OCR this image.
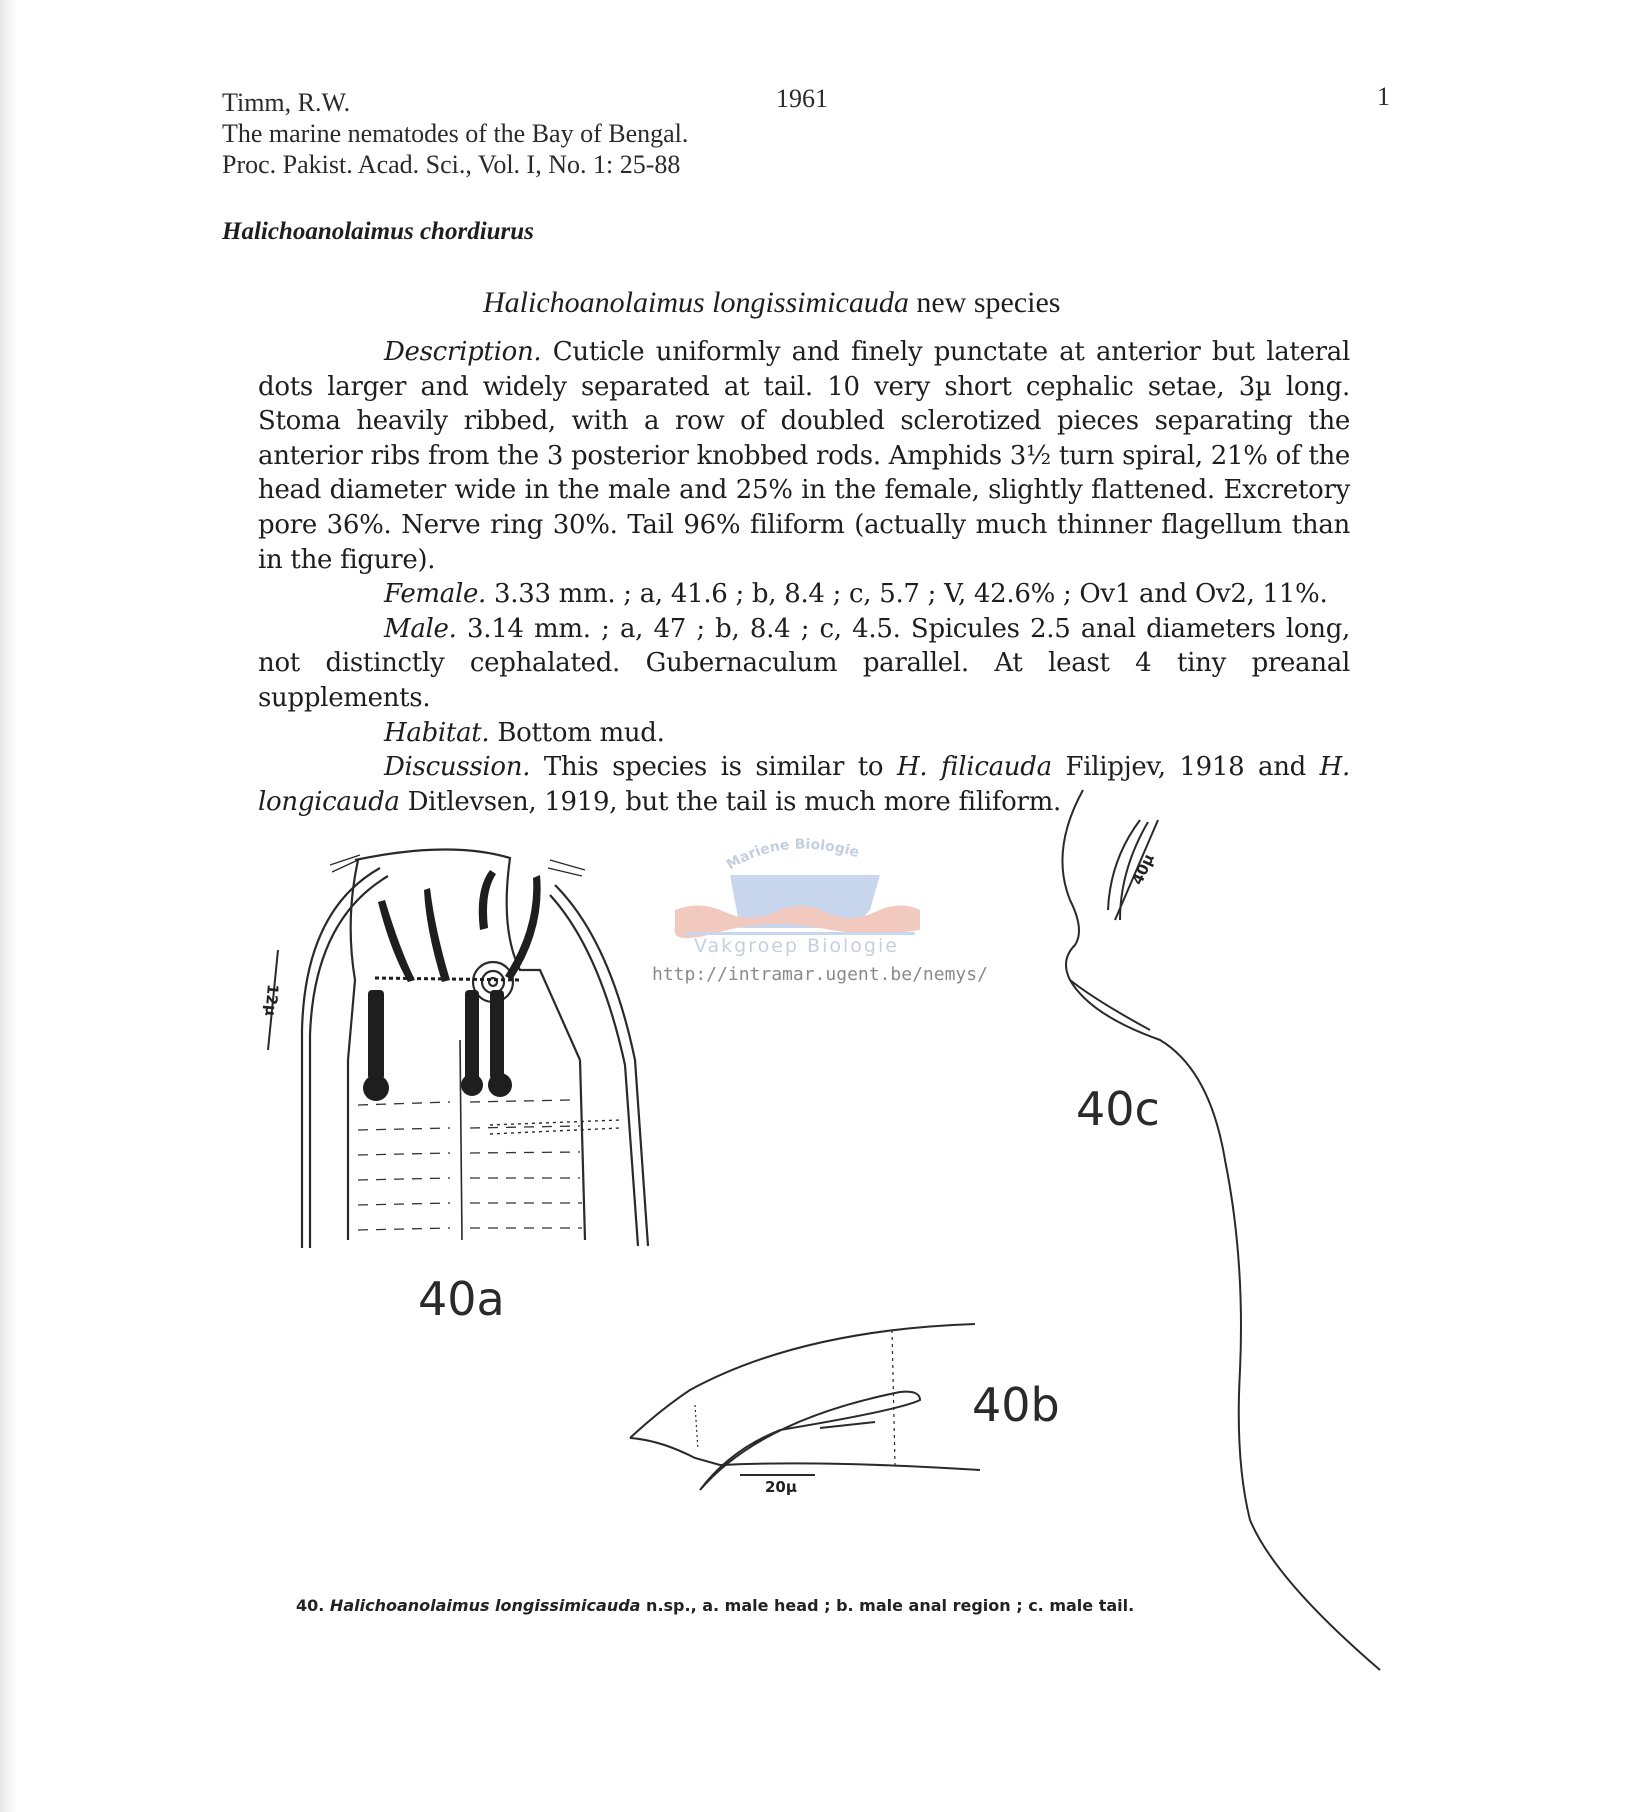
Timm, R.W.	1961	1
The marine nematodes of the Bay of Bengal.
Proc. Pakist. Acad. Sci., Vol. I, No. 1: 25-88
Halichoanolaimus chordiurus
Halichoanolaimus longissimicauda new species

Description. Cuticle uniformly and finely punctate at anterior but lateral dots larger and widely separated at tail. 10 very short cephalic setae, 3µ long. Stoma heavily ribbed, with a row of doubled sclerotized pieces separating the anterior ribs from the 3 posterior knobbed rods. Amphids 3½ turn spiral, 21% of the head diameter wide in the male and 25% in the female, slightly flattened. Excretory pore 36%. Nerve ring 30%. Tail 96% filiform (actually much thinner flagellum than in the figure).

Female. 3.33 mm. ; a, 41.6 ; b, 8.4 ; c, 5.7 ; V, 42.6% ; Ov1 and Ov2, 11%.

Male. 3.14 mm. ; a, 47 ; b, 8.4 ; c, 4.5. Spicules 2.5 anal diameters long, not distinctly cephalated. Gubernaculum parallel. At least 4 tiny preanal supplements.

Habitat. Bottom mud.

Discussion. This species is similar to H. filicauda Filipjev, 1918 and H. longicauda Ditlevsen, 1919, but the tail is much more filiform.

Mariene Biologie
Vakgroep Biologie
http://intramar.ugent.be/nemys/
12µ
40a
20µ
40b
40µ
40c
40. Halichoanolaimus longissimicauda n.sp., a. male head ; b. male anal region ; c. male tail.
